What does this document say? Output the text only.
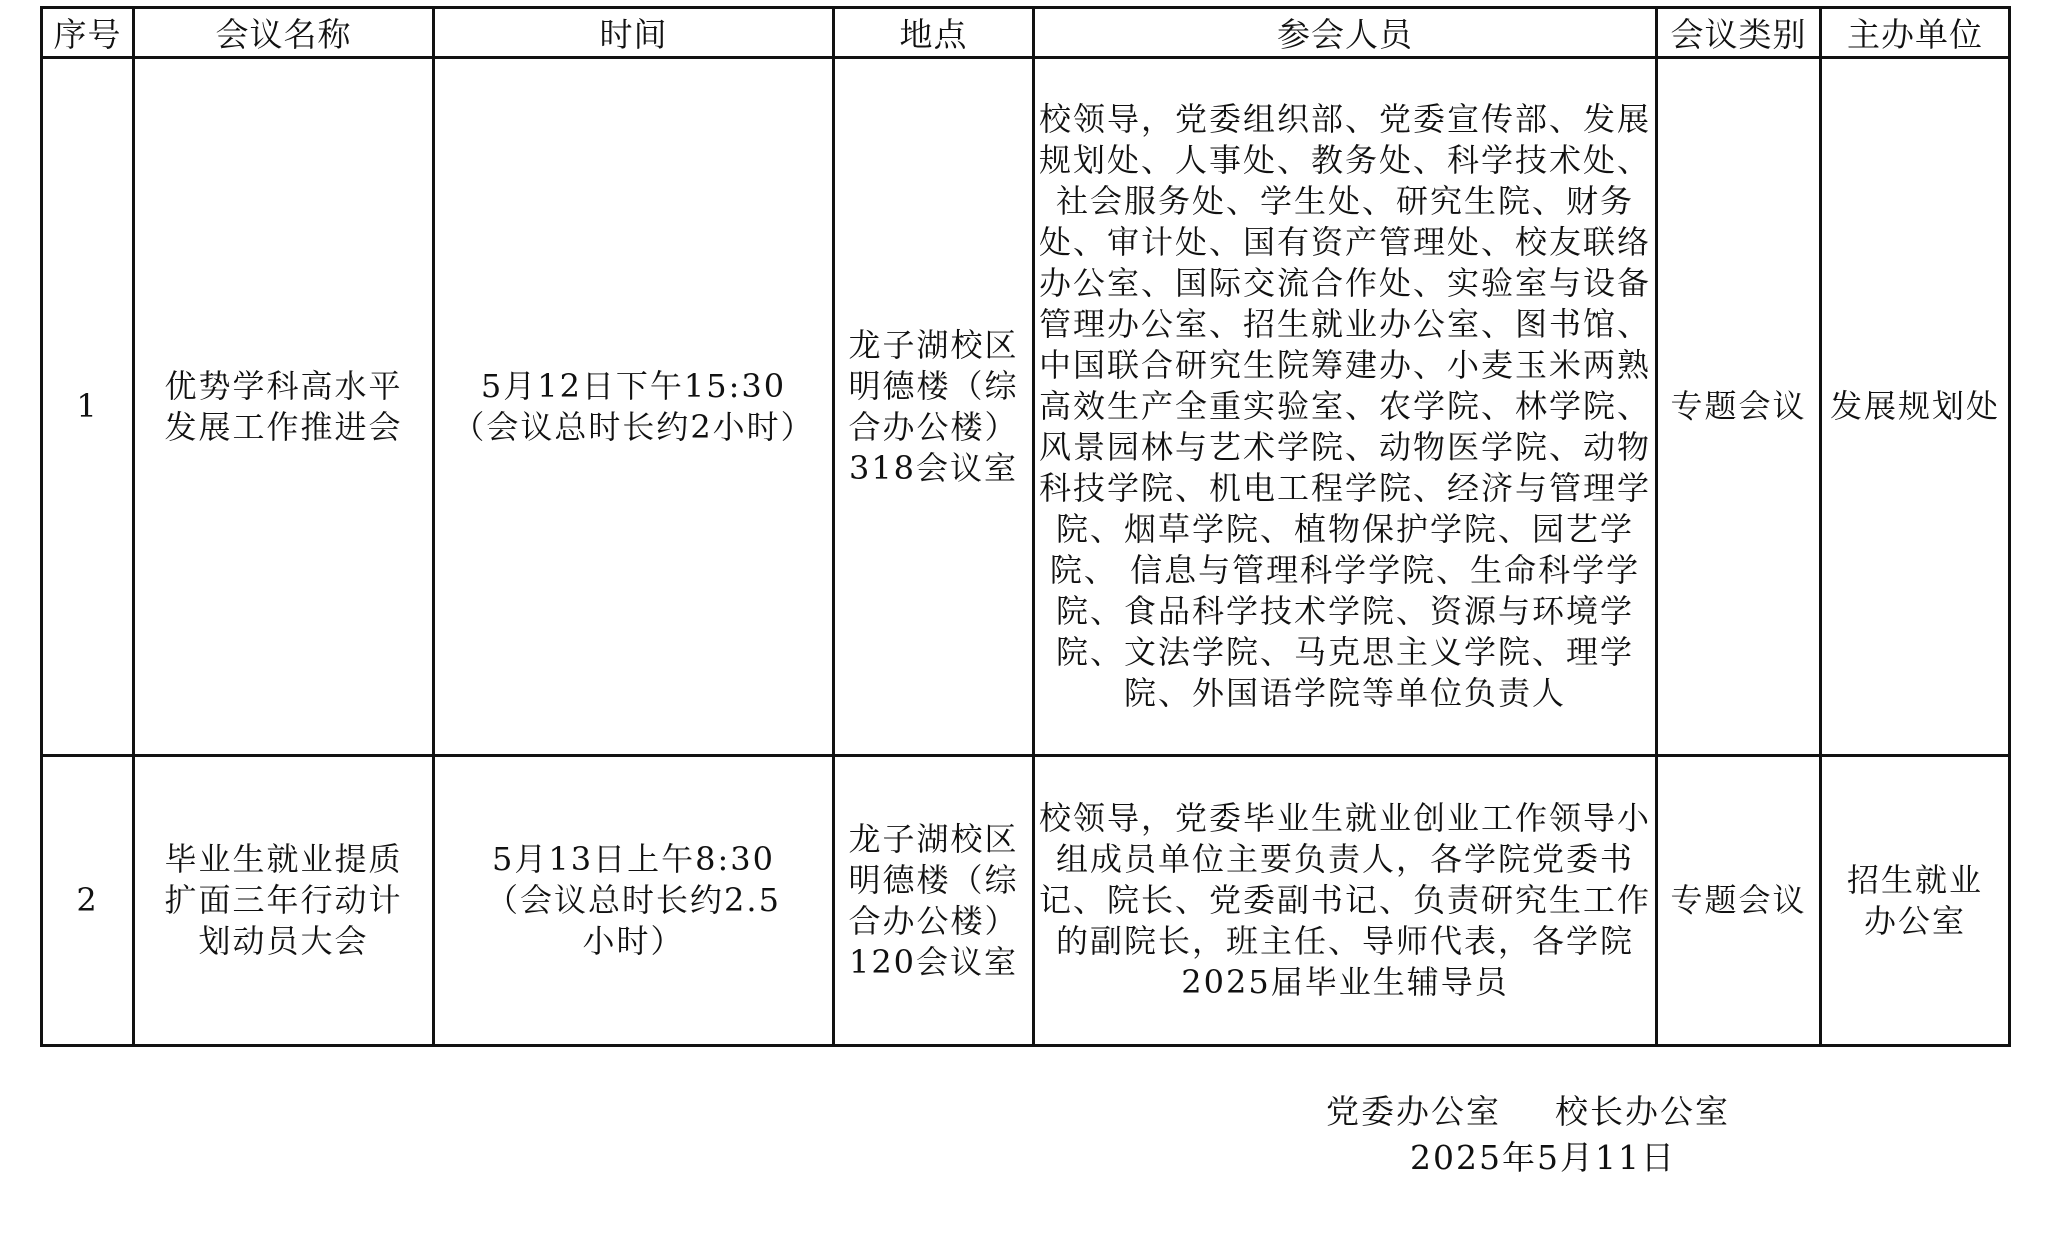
序号	会议名称	时间	地点	参会人员	会议类别	主办单位
1	优势学科高水平发展工作推进会	5月12日下午15:30
（会议总时长约2小时）	龙子湖校区明德楼（综合办公楼）318会议室	校领导，党委组织部、党委宣传部、发展规划处、人事处、教务处、科学技术处、社会服务处、学生处、研究生院、财务处、审计处、国有资产管理处、校友联络办公室、国际交流合作处、实验室与设备管理办公室、招生就业办公室、图书馆、中国联合研究生院筹建办、小麦玉米两熟高效生产全重实验室、农学院、林学院、风景园林与艺术学院、动物医学院、动物科技学院、机电工程学院、经济与管理学院、烟草学院、植物保护学院、园艺学院、 信息与管理科学学院、生命科学学院、食品科学技术学院、资源与环境学院、文法学院、马克思主义学院、理学院、外国语学院等单位负责人	专题会议	发展规划处

2	毕业生就业提质扩面三年行动计划动员大会	5月13日上午8:30
（会议总时长约2.5小时）	龙子湖校区明德楼（综合办公楼）120会议室	校领导，党委毕业生就业创业工作领导小组成员单位主要负责人，各学院党委书记、院长、党委副书记、负责研究生工作的副院长，班主任、导师代表，各学院2025届毕业生辅导员	专题会议	招生就业办公室
党委办公室 校长办公室
2025年5月11日
